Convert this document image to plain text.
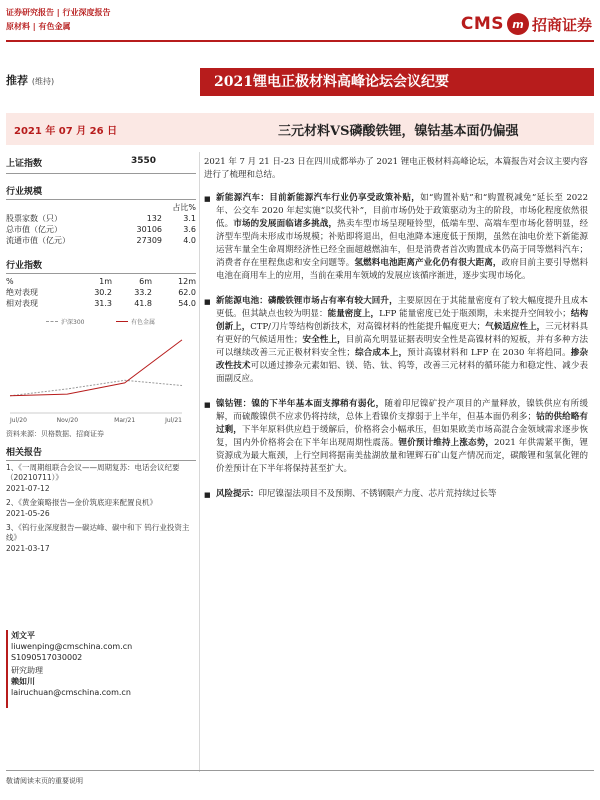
证券研究报告 | 行业深度报告
原材料 | 有色金属	CMS m 招商证券
推荐 (维持)	2021锂电正极材料高峰论坛会议纪要
2021 年 07 月 26 日	三元材料VS磷酸铁锂，镍钴基本面仍偏强
上证指数	3550
行业规模
占比%
股票家数（只）	132	3.1
总市值（亿元）	30106	3.6
流通市值（亿元）	27309	4.0
行业指数
%	1m	6m	12m
绝对表现	30.2	33.2	62.0
相对表现	31.3	41.8	54.0
沪深300	有色金属
Jul/20	Nov/20	Mar/21	Jul/21
资料来源：贝格数据、招商证券
相关报告
1、《一周期组联合会议——周期复苏：电话会议纪要（20210711）》
2021-07-12
2、《黄金策略报告—金价筑底迎来配置良机》
2021-05-26
3、《钨行业深度报告—碳达峰、碳中和下 钨行业投资主线》
2021-03-17
刘文平
liuwenping@cmschina.com.cn
S1090517030002
研究助理
赖如川
lairuchuan@cmschina.com.cn
2021 年 7 月 21 日-23 日在四川成都举办了 2021 锂电正极材料高峰论坛，本篇报告对会议主要内容进行了梳理和总结。
■ 新能源汽车：目前新能源汽车行业仍享受政策补贴，如“购置补贴”和“购置税减免”延长至 2022 年、公交车 2020 年起实施“以奖代补”，目前市场仍处于政策驱动为主的阶段，市场化程度依然很低。市场的发展面临诸多挑战，热卖车型市场呈现哑铃型，低端车型、高端车型市场化替明显，经济型车型尚未形成市场规模；补贴即将退出，但电池降本速度低于预期，虽然在油电价差下新能源运营车量全生命周期经济性已经全面超越燃油车，但是消费者首次购置成本仍高于同等燃料汽车；消费者存在里程焦虑和安全问题等。氢燃料电池距离产业化仍有很大距离，政府目前主要引导燃料电池在商用车上的应用，当前在乘用车领域的发展应该循序渐进，逐步实现市场化。
■ 新能源电池：磷酸铁锂市场占有率有较大回升，主要原因在于其能量密度有了较大幅度提升且成本更低。但其缺点也较为明显：能量密度上，LFP 能量密度已处于瓶颈期，未来提升空间较小；结构创新上，CTP/刀片等结构创新技术，对高镍材料的性能提升幅度更大；气候适应性上，三元材料具有更好的气候适用性；安全性上，目前高允明显证据表明安全性是高镍材料的短板，并有多种方法可以继续改善三元正极材料安全性；综合成本上，预计高镍材料和 LFP 在 2030 年将趋同。掺杂改性技术可以通过掺杂元素如铝、镁、锆、钛、钨等，改善三元材料的循环能力和稳定性、减少表面副反应。
■ 镍钴锂：镍的下半年基本面支撑稍有弱化，随着印尼镍矿投产项目的产量释放，镍铁供应有所缓解，而硫酸镍供不应求仍将持续，总体上看镍价支撑弱于上半年，但基本面仍利多；钴的供给略有过剩，下半年原料供应趋于缓解后，价格将会小幅承压，但如果欧美市场高混合金领域需求逐步恢复，国内外价格将会在下半年出现周期性震荡。锂价预计维持上涨态势，2021 年供需紧平衡，锂资源成为最大瓶颈，上行空间将据南美盐湖放量和锂辉石矿山复产情况而定，碳酸锂和氢氧化锂的价差预计在下半年将保持甚至扩大。
■ 风险提示：印尼镍湿法项目不及预期、不锈钢限产力度、芯片荒持续过长等
敬请阅读末页的重要说明
